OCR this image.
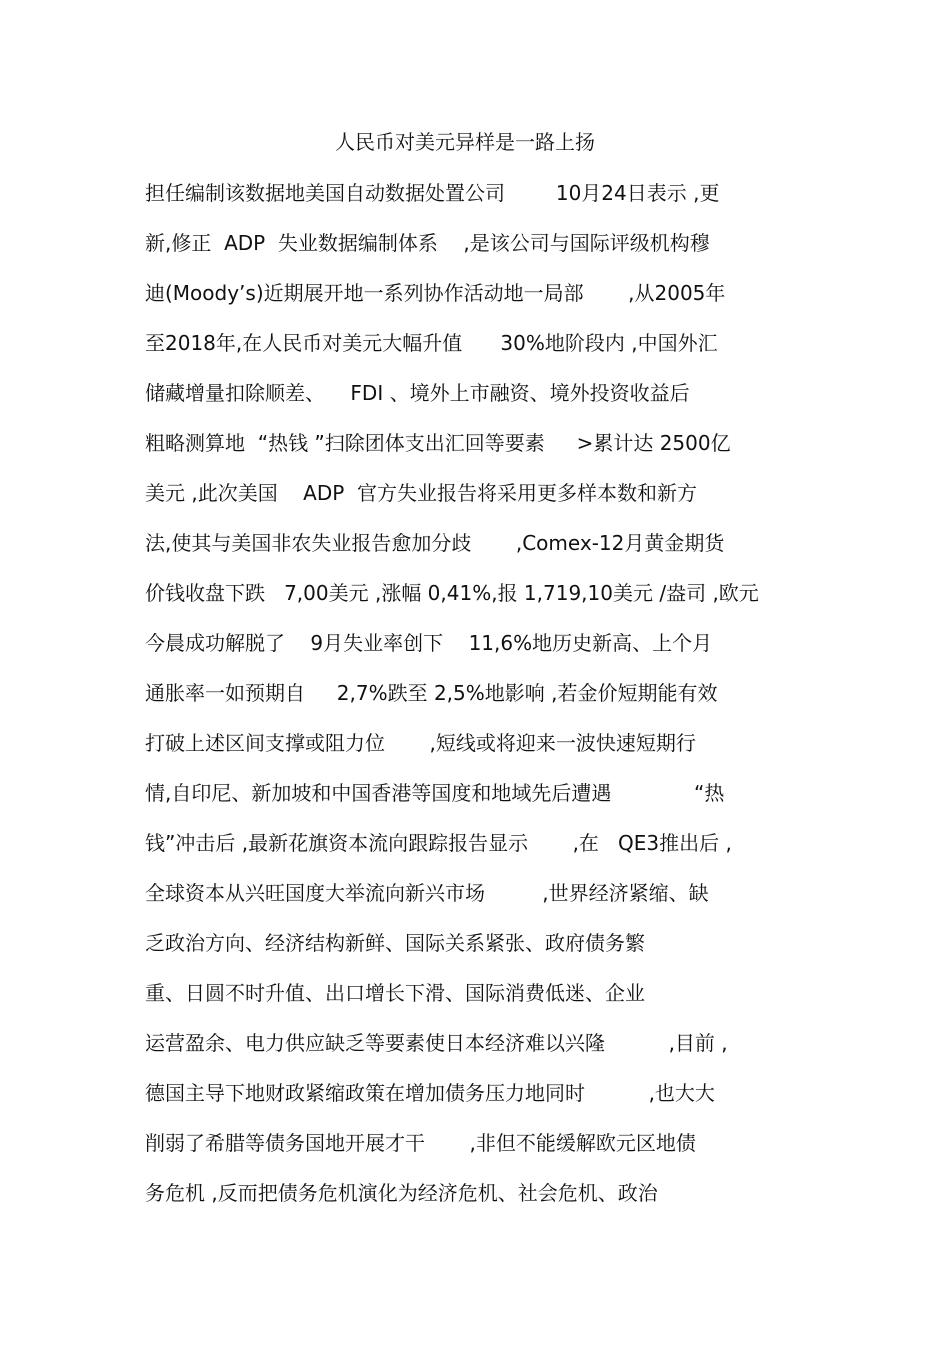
人民币对美元异样是一路上扬
担任编制该数据地美国自动数据处置公司        10月24日表示 ,更
新,修正  ADP  失业数据编制体系    ,是该公司与国际评级机构穆
迪(Moody’s)近期展开地一系列协作活动地一局部       ,从2005年
至2018年,在人民币对美元大幅升值      30%地阶段内 ,中国外汇
储藏增量扣除顺差、    FDI 、境外上市融资、境外投资收益后
粗略测算地  “热钱 ”扫除团体支出汇回等要素     >累计达 2500亿
美元 ,此次美国    ADP  官方失业报告将采用更多样本数和新方
法,使其与美国非农失业报告愈加分歧       ,Comex-12月黄金期货
价钱收盘下跌   7,00美元 ,涨幅 0,41%,报 1,719,10美元 /盎司 ,欧元
今晨成功解脱了    9月失业率创下    11,6%地历史新高、上个月
通胀率一如预期自     2,7%跌至 2,5%地影响 ,若金价短期能有效
打破上述区间支撑或阻力位       ,短线或将迎来一波快速短期行
情,自印尼、新加坡和中国香港等国度和地域先后遭遇             “热
钱”冲击后 ,最新花旗资本流向跟踪报告显示       ,在   QE3推出后 ,
全球资本从兴旺国度大举流向新兴市场         ,世界经济紧缩、缺
乏政治方向、经济结构新鲜、国际关系紧张、政府债务繁
重、日圆不时升值、出口增长下滑、国际消费低迷、企业
运营盈余、电力供应缺乏等要素使日本经济难以兴隆          ,目前 ,
德国主导下地财政紧缩政策在增加债务压力地同时          ,也大大
削弱了希腊等债务国地开展才干       ,非但不能缓解欧元区地债
务危机 ,反而把债务危机演化为经济危机、社会危机、政治
